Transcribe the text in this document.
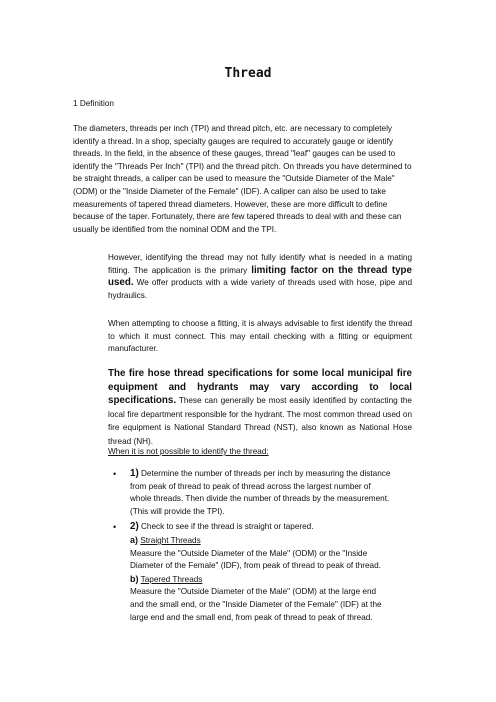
Thread

1 Definition

The diameters, threads per inch (TPI) and thread pitch, etc. are necessary to completely
identify a thread. In a shop, specialty gauges are required to accurately gauge or identify
threads. In the field, in the absence of these gauges, thread "leaf" gauges can be used to
identify the "Threads Per Inch" (TPI) and the thread pitch. On threads you have determined to
be straight threads, a caliper can be used to measure the "Outside Diameter of the Male"
(ODM) or the "Inside Diameter of the Female" (IDF). A caliper can also be used to take
measurements of tapered thread diameters. However, these are more difficult to define
because of the taper. Fortunately, there are few tapered threads to deal with and these can
usually be identified from the nominal ODM and the TPI.

However, identifying the thread may not fully identify what is needed in a mating fitting. The application is the primary limiting factor on the thread type used. We offer products with a wide variety of threads used with hose, pipe and hydraulics.

When attempting to choose a fitting, it is always advisable to first identify the thread to which it must connect. This may entail checking with a fitting or equipment manufacturer.

The fire hose thread specifications for some local municipal fire equipment and hydrants may vary according to local specifications. These can generally be most easily identified by contacting the local fire department responsible for the hydrant. The most common thread used on fire equipment is National Standard Thread (NST), also known as National Hose thread (NH).

When it is not possible to identify the thread:

• 1) Determine the number of threads per inch by measuring the distance
from peak of thread to peak of thread across the largest number of
whole threads. Then divide the number of threads by the measurement.
(This will provide the TPI).
• 2) Check to see if the thread is straight or tapered.
a) Straight Threads
Measure the "Outside Diameter of the Male" (ODM) or the "Inside
Diameter of the Female" (IDF), from peak of thread to peak of thread.
b) Tapered Threads
Measure the "Outside Diameter of the Male" (ODM) at the large end
and the small end, or the "Inside Diameter of the Female" (IDF) at the
large end and the small end, from peak of thread to peak of thread.
